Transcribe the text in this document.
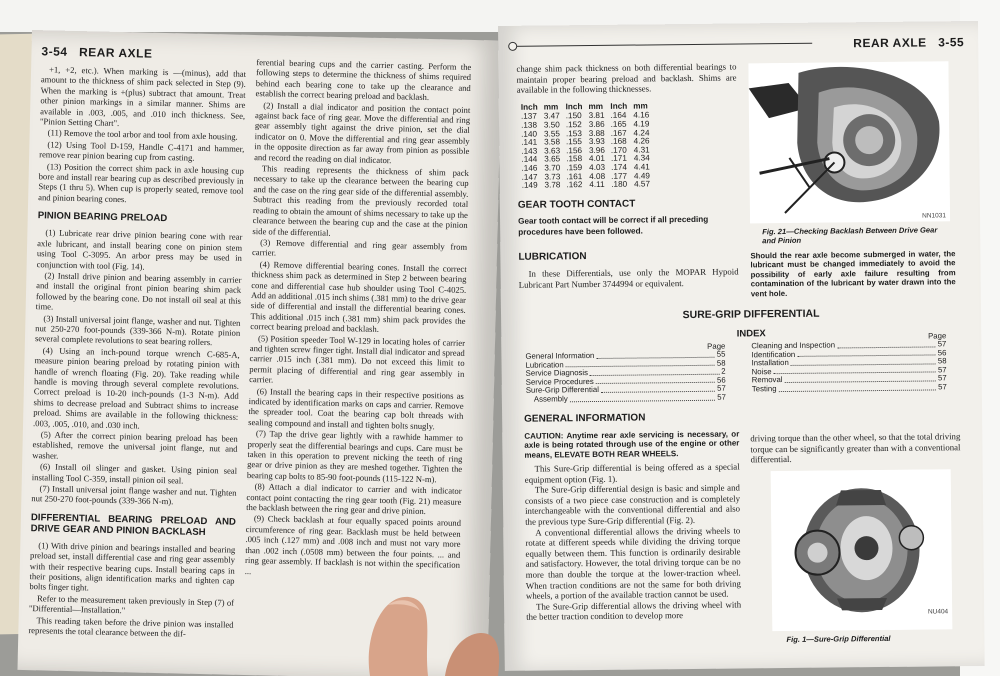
3-54 REAR AXLE

+1, +2, etc.). When marking is —(minus), add that amount to the thickness of shim pack selected in Step (9). When the marking is +(plus) subtract that amount. Treat other pinion markings in a similar manner. Shims are available in .003, .005, and .010 inch thickness. See, "Pinion Setting Chart".

(11) Remove the tool arbor and tool from axle housing.

(12) Using Tool D-159, Handle C-4171 and hammer, remove rear pinion bearing cup from casting.

(13) Position the correct shim pack in axle housing cup bore and install rear bearing cup as described previously in Steps (1 thru 5). When cup is properly seated, remove tool and pinion bearing cones.

PINION BEARING PRELOAD

(1) Lubricate rear drive pinion bearing cone with rear axle lubricant, and install bearing cone on pinion stem using Tool C-3095. An arbor press may be used in conjunction with tool (Fig. 14).

(2) Install drive pinion and bearing assembly in carrier and install the original front pinion bearing shim pack followed by the bearing cone. Do not install oil seal at this time.

(3) Install universal joint flange, washer and nut. Tighten nut 250-270 foot-pounds (339-366 N-m). Rotate pinion several complete revolutions to seat bearing rollers.

(4) Using an inch-pound torque wrench C-685-A, measure pinion bearing preload by rotating pinion with handle of wrench floating (Fig. 20). Take reading while handle is moving through several complete revolutions. Correct preload is 10-20 inch-pounds (1-3 N-m). Add shims to decrease preload and Subtract shims to increase preload. Shims are available in the following thickness: .003, .005, .010, and .030 inch.

(5) After the correct pinion bearing preload has been established, remove the universal joint flange, nut and washer.

(6) Install oil slinger and gasket. Using pinion seal installing Tool C-359, install pinion oil seal.

(7) Install universal joint flange washer and nut. Tighten nut 250-270 foot-pounds (339-366 N-m).

DIFFERENTIAL BEARING PRELOAD AND DRIVE GEAR AND PINION BACKLASH

(1) With drive pinion and bearings installed and bearing preload set, install differential case and ring gear assembly with their respective bearing cups. Install bearing caps in their positions, align identification marks and tighten cap bolts finger tight.

Refer to the measurement taken previously in Step (7) of "Differential—Installation."

This reading taken before the drive pinion was installed represents the total clearance between the dif-

ferential bearing cups and the carrier casting. Perform the following steps to determine the thickness of shims required behind each bearing cone to take up the clearance and establish the correct bearing preload and backlash.

(2) Install a dial indicator and position the contact point against back face of ring gear. Move the differential and ring gear assembly tight against the drive pinion, set the dial indicator on 0. Move the differential and ring gear assembly in the opposite direction as far away from pinion as possible and record the reading on dial indicator.

This reading represents the thickness of shim pack necessary to take up the clearance between the bearing cup and the case on the ring gear side of the differential assembly. Subtract this reading from the previously recorded total reading to obtain the amount of shims necessary to take up the clearance between the bearing cup and the case at the pinion side of the differential.

(3) Remove differential and ring gear assembly from carrier.

(4) Remove differential bearing cones. Install the correct thickness shim pack as determined in Step 2 between bearing cone and differential case hub shoulder using Tool C-4025. Add an additional .015 inch shims (.381 mm) to the drive gear side of differential and install the differential bearing cones. This additional .015 inch (.381 mm) shim pack provides the correct bearing preload and backlash.

(5) Position speeder Tool W-129 in locating holes of carrier and tighten screw finger tight. Install dial indicator and spread carrier .015 inch (.381 mm). Do not exceed this limit to permit placing of differential and ring gear assembly in carrier.

(6) Install the bearing caps in their respective positions as indicated by identification marks on caps and carrier. Remove the spreader tool. Coat the bearing cap bolt threads with sealing compound and install and tighten bolts snugly.

(7) Tap the drive gear lightly with a rawhide hammer to properly seat the differential bearings and cups. Care must be taken in this operation to prevent nicking the teeth of ring gear or drive pinion as they are meshed together. Tighten the bearing cap bolts to 85-90 foot-pounds (115-122 N-m).

(8) Attach a dial indicator to carrier and with indicator contact point contacting the ring gear tooth (Fig. 21) measure the backlash between the ring gear and drive pinion.

(9) Check backlash at four equally spaced points around circumference of ring gear. Backlash must be held between .005 inch (.127 mm) and .008 inch and must not vary more than .002 inch (.0508 mm) between the four points. ... and ring gear assembly. If backlash is not within the specification ...

REAR AXLE 3-55
change shim pack thickness on both differential bearings to maintain proper bearing preload and backlash. Shims are available in the following thicknesses.
Inch	mm	Inch	mm	Inch	mm
.137	3.47	.150	3.81	.164	4.16
.138	3.50	.152	3.86	.165	4.19
.140	3.55	.153	3.88	.167	4.24
.141	3.58	.155	3.93	.168	4.26
.143	3.63	.156	3.96	.170	4.31
.144	3.65	.158	4.01	.171	4.34
.146	3.70	.159	4.03	.174	4.41
.147	3.73	.161	4.08	.177	4.49
.149	3.78	.162	4.11	.180	4.57
GEAR TOOTH CONTACT
Gear tooth contact will be correct if all preceding procedures have been followed.
LUBRICATION
In these Differentials, use only the MOPAR Hypoid Lubricant Part Number 3744994 or equivalent.
NN1031
Fig. 21—Checking Backlash Between Drive Gear and Pinion
Should the rear axle become submerged in water, the lubricant must be changed immediately to avoid the possibility of early axle failure resulting from contamination of the lubricant by water drawn into the vent hole.
SURE-GRIP DIFFERENTIAL
INDEX
Page
General Information	55
Lubrication	58
Service Diagnosis	2
Service Procedures	56
Sure-Grip Differential	57
Assembly	57
Page
Cleaning and Inspection	57
Identification	56
Installation	58
Noise	57
Removal	57
Testing	57
GENERAL INFORMATION
CAUTION: Anytime rear axle servicing is necessary, or axle is being rotated through use of the engine or other means, ELEVATE BOTH REAR WHEELS.
This Sure-Grip differential is being offered as a special equipment option (Fig. 1).
The Sure-Grip differential design is basic and simple and consists of a two piece case construction and is completely interchangeable with the conventional differential and also the previous type Sure-Grip differential (Fig. 2).
A conventional differential allows the driving wheels to rotate at different speeds while dividing the driving torque equally between them. This function is ordinarily desirable and satisfactory. However, the total driving torque can be no more than double the torque at the lower-traction wheel. When traction conditions are not the same for both driving wheels, a portion of the available traction cannot be used.
The Sure-Grip differential allows the driving wheel with the better traction condition to develop more
driving torque than the other wheel, so that the total driving torque can be significantly greater than with a conventional differential.
NU404
Fig. 1—Sure-Grip Differential
